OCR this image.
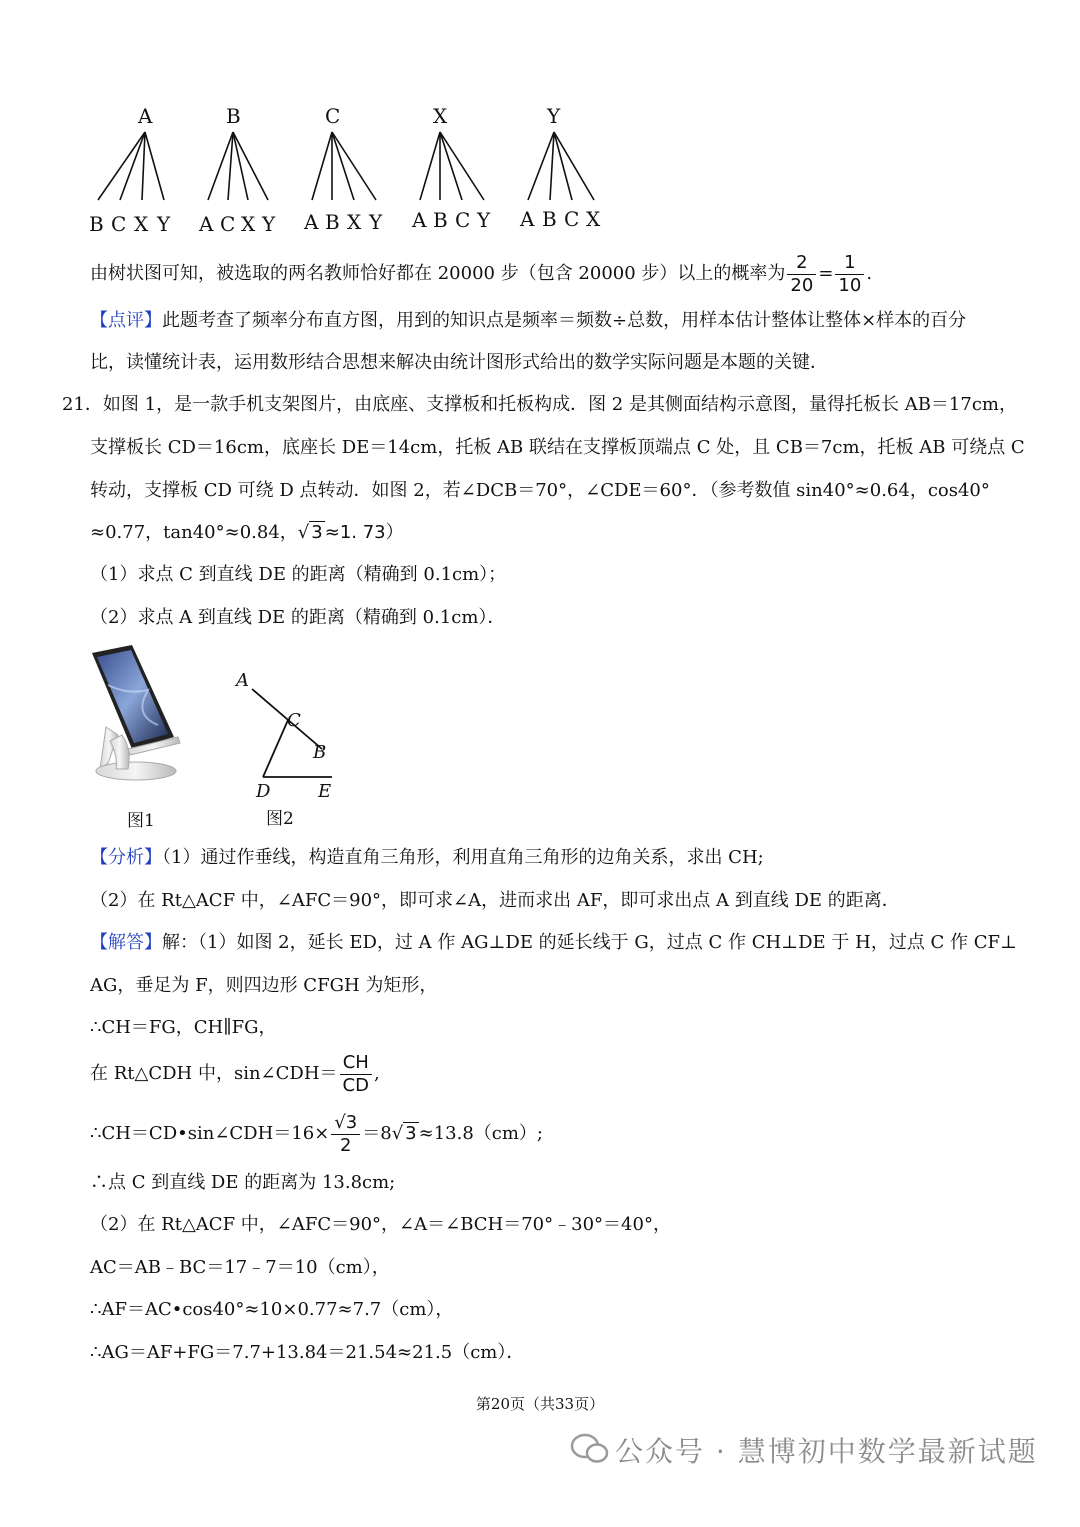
A	B	C	X	Y
B C X Y A C X Y A B X Y A B C Y A B C X
由树状图可知，被选取的两名教师恰好都在 20000 步（包含 20000 步）以上的概率为 $\frac{2}{20} = \frac{1}{10}$ .
【点评】此题考查了频率分布直方图，用到的知识点是频率＝频数÷总数，用样本估计整体让整体×样本的百分
比，读懂统计表，运用数形结合思想来解决由统计图形式给出的数学实际问题是本题的关键．
21．如图 1，是一款手机支架图片，由底座、支撑板和托板构成．图 2 是其侧面结构示意图，量得托板长 AB＝17cm，
支撑板长 CD＝16cm，底座长 DE＝14cm，托板 AB 联结在支撑板顶端点 C 处，且 CB＝7cm，托板 AB 可绕点 C
转动，支撑板 CD 可绕 D 点转动．如图 2，若∠DCB＝70°，∠CDE＝60°．（参考数值 sin40°≈0.64，cos40°
≈0.77，tan40°≈0.84，√ 3 ≈1. 73）
（1）求点 C 到直线 DE 的距离（精确到 0.1cm）；
（2）求点 A 到直线 DE 的距离（精确到 0.1cm）．
图1
A
C
B
D	E
图2
【分析】（1）通过作垂线，构造直角三角形，利用直角三角形的边角关系，求出 CH;
（2）在 Rt△ACF 中，∠AFC＝90°，即可求∠A，进而求出 AF，即可求出点 A 到直线 DE 的距离．
【解答】解：（1）如图 2，延长 ED，过 A 作 AG⊥DE 的延长线于 G，过点 C 作 CH⊥DE 于 H，过点 C 作 CF⊥
AG，垂足为 F，则四边形 CFGH 为矩形，
∴CH＝FG，CH∥FG，
在 Rt△CDH 中，sin∠CDH＝ $\frac{CH}{CD}$ ,
∴CH＝CD•sin∠CDH＝16× $\frac{√3}{2} =8√$ 3 ≈13.8（cm）;
∴点 C 到直线 DE 的距离为 13.8cm;
（2）在 Rt△ACF 中，∠AFC＝90°，∠A＝∠BCH＝70°﹣30°＝40°，
AC＝AB﹣BC＝17﹣7＝10（cm），
∴AF＝AC•cos40°≈10×0.77≈7.7（cm），
∴AG＝AF+FG＝7.7+13.84＝21.54≈21.5（cm）．
第20页（共33页）
公众号 · 慧博初中数学最新试题
